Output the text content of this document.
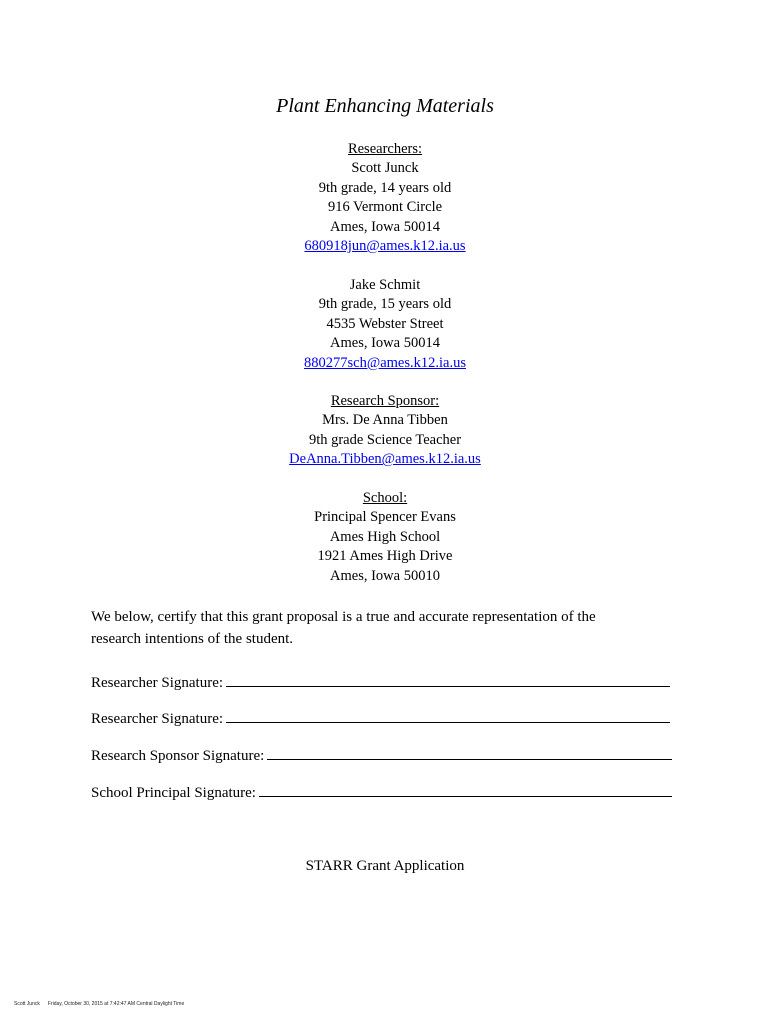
Plant Enhancing Materials
Researchers:
Scott Junck
9th grade, 14 years old
916 Vermont Circle
Ames, Iowa 50014
680918jun@ames.k12.ia.us
Jake Schmit
9th grade, 15 years old
4535 Webster Street
Ames, Iowa 50014
880277sch@ames.k12.ia.us
Research Sponsor:
Mrs. De Anna Tibben
9th grade Science Teacher
DeAnna.Tibben@ames.k12.ia.us
School:
Principal Spencer Evans
Ames High School
1921 Ames High Drive
Ames, Iowa 50010
We below, certify that this grant proposal is a true and accurate representation of the
research intentions of the student.
Researcher Signature:
Researcher Signature:
Research Sponsor Signature:
School Principal Signature:
STARR Grant Application
Scott Junck Friday, October 30, 2015 at 7:42:47 AM Central Daylight Time
